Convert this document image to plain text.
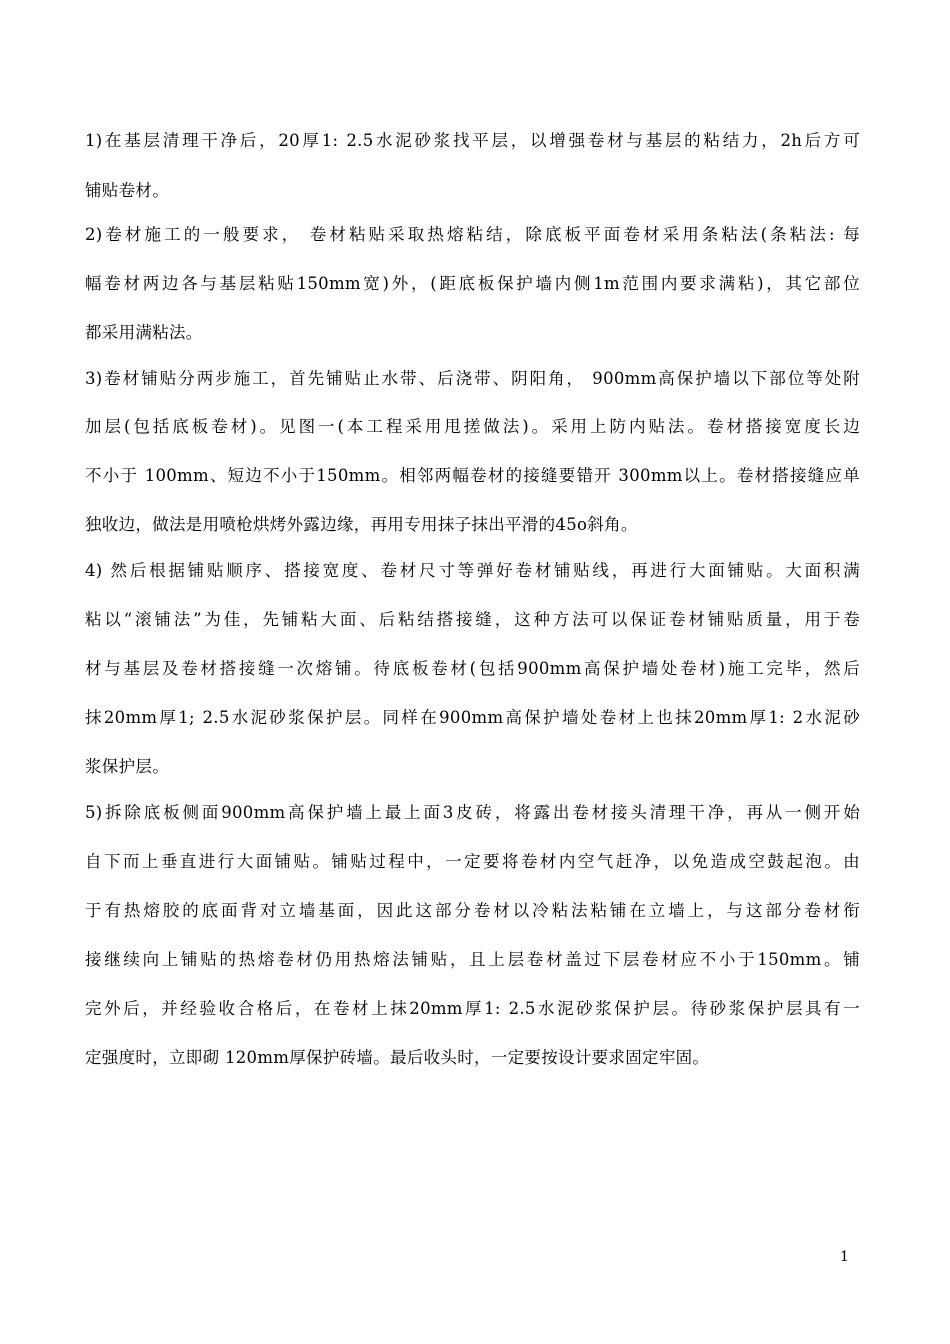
1)在基层清理干净后，20厚1: 2.5水泥砂浆找平层，以增强卷材与基层的粘结力，2h后方可
铺贴卷材。
2)卷材施工的一般要求， 卷材粘贴采取热熔粘结，除底板平面卷材采用条粘法(条粘法: 每
幅卷材两边各与基层粘贴150mm宽)外，(距底板保护墙内侧1m范围内要求满粘)，其它部位
都采用满粘法。
3)卷材铺贴分两步施工，首先铺贴止水带、后浇带、阴阳角， 900mm高保护墙以下部位等处附
加层(包括底板卷材)。见图一(本工程采用甩搓做法)。采用上防内贴法。卷材搭接宽度长边
不小于 100mm、短边不小于150mm。相邻两幅卷材的接缝要错开 300mm以上。卷材搭接缝应单
独收边，做法是用喷枪烘烤外露边缘，再用专用抹子抹出平滑的45o斜角。
4) 然后根据铺贴顺序、搭接宽度、卷材尺寸等弹好卷材铺贴线，再进行大面铺贴。大面积满
粘以“滚铺法”为佳，先铺粘大面、后粘结搭接缝，这种方法可以保证卷材铺贴质量，用于卷
材与基层及卷材搭接缝一次熔铺。待底板卷材(包括900mm高保护墙处卷材)施工完毕，然后
抹20mm厚1; 2.5水泥砂浆保护层。同样在900mm高保护墙处卷材上也抹20mm厚1: 2水泥砂
浆保护层。
5)拆除底板侧面900mm高保护墙上最上面3皮砖，将露出卷材接头清理干净，再从一侧开始
自下而上垂直进行大面铺贴。铺贴过程中，一定要将卷材内空气赶净，以免造成空鼓起泡。由
于有热熔胶的底面背对立墙基面，因此这部分卷材以冷粘法粘铺在立墙上，与这部分卷材衔
接继续向上铺贴的热熔卷材仍用热熔法铺贴，且上层卷材盖过下层卷材应不小于150mm。铺
完外后，并经验收合格后，在卷材上抹20mm厚1: 2.5水泥砂浆保护层。待砂浆保护层具有一
定强度时，立即砌 120mm厚保护砖墙。最后收头时，一定要按设计要求固定牢固。
1
